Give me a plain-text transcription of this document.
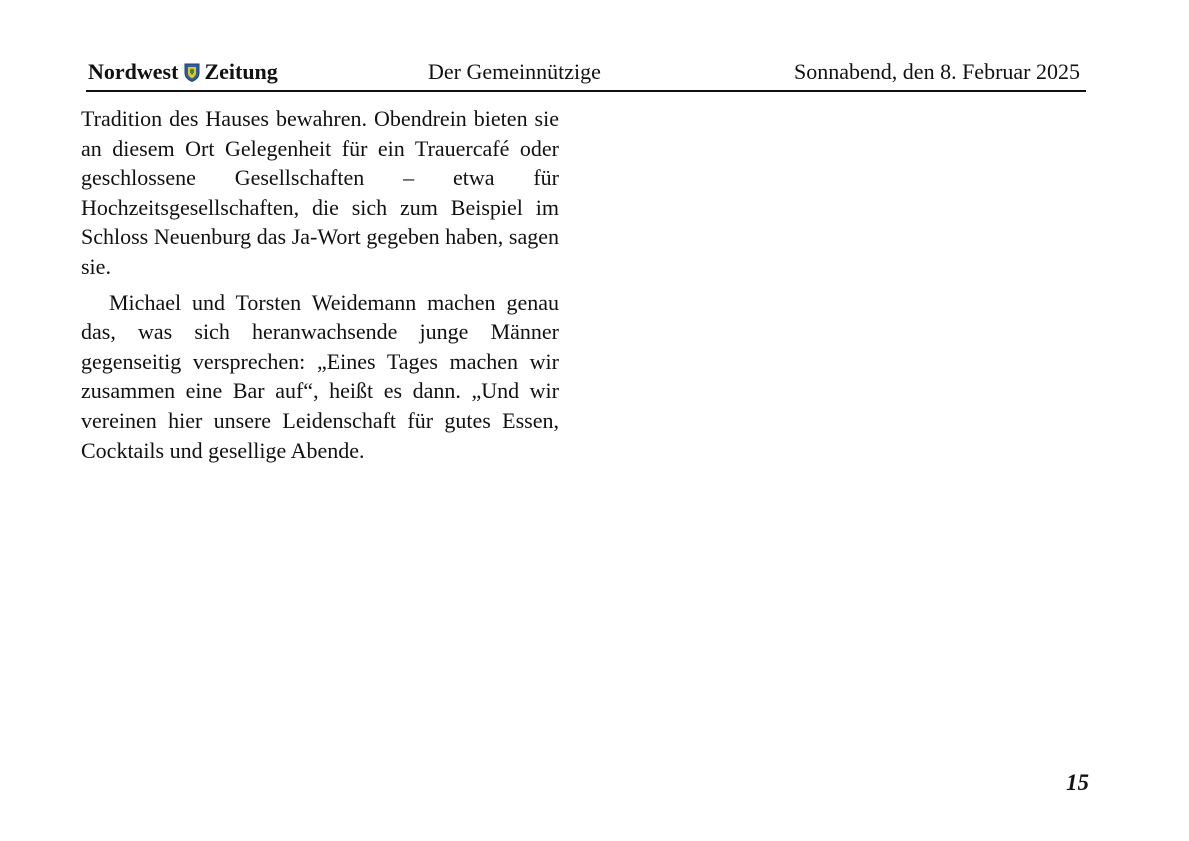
Nordwest Zeitung	Der Gemeinnützige	Sonnabend, den 8. Februar 2025

Tradition des Hauses bewahren. Obendrein bieten sie an diesem Ort Gelegenheit für ein Trauercafé oder geschlossene Gesellschaften – etwa für Hochzeitsgesellschaften, die sich zum Beispiel im Schloss Neuenburg das Ja-Wort gegeben haben, sagen sie.

Michael und Torsten Weidemann machen genau das, was sich heranwachsende junge Männer gegenseitig versprechen: „Eines Tages machen wir zusammen eine Bar auf“, heißt es dann. „Und wir vereinen hier unsere Leidenschaft für gutes Essen, Cocktails und gesellige Abende.

15
